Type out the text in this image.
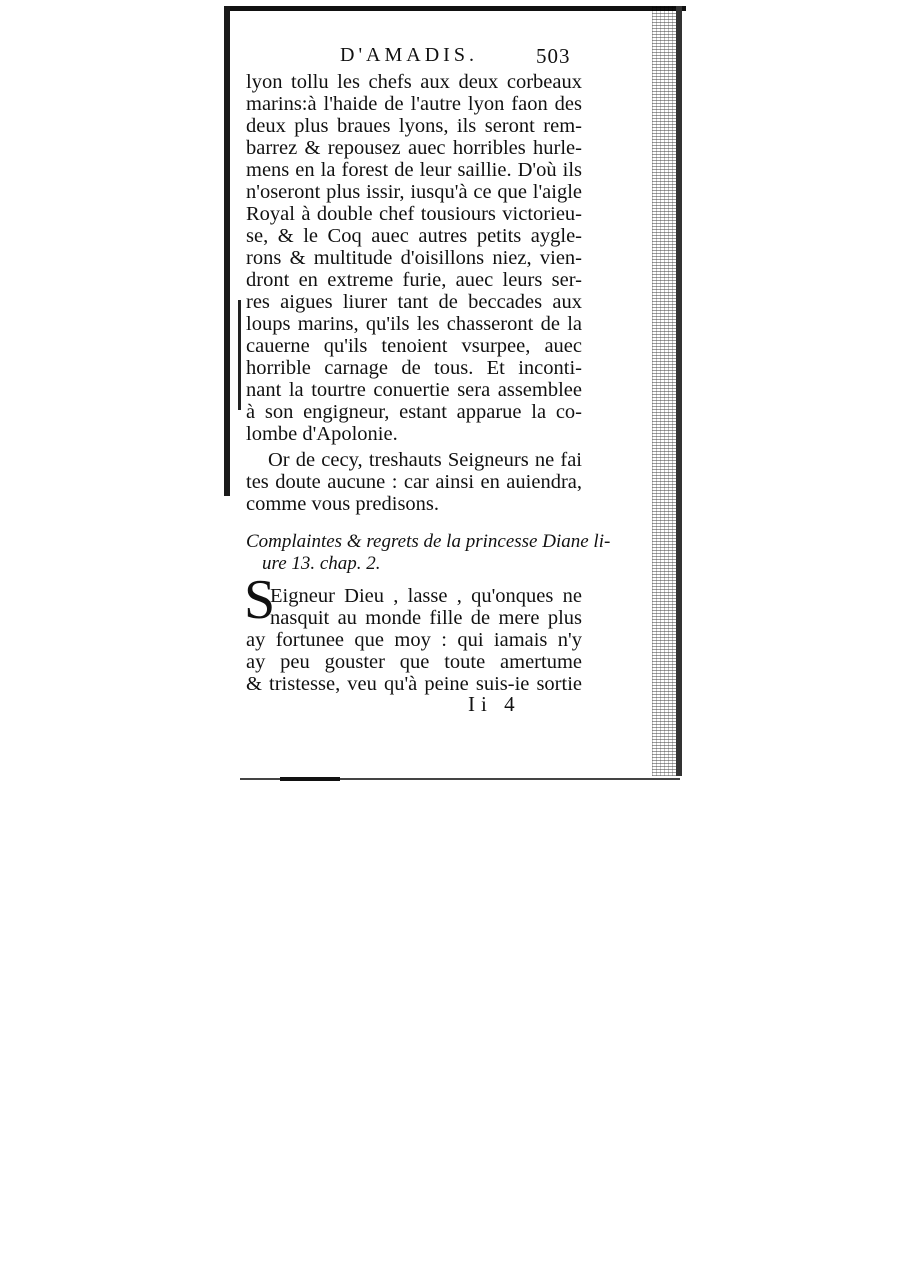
D'AMADIS.	503
lyon tollu les chefs aux deux corbeaux
marins:à l'haide de l'autre lyon faon des
deux plus braues lyons, ils seront rem-
barrez & repousez auec horribles hurle-
mens en la forest de leur saillie. D'où ils
n'oseront plus issir, iusqu'à ce que l'aigle
Royal à double chef tousiours victorieu-
se, & le Coq auec autres petits aygle-
rons & multitude d'oisillons niez, vien-
dront en extreme furie, auec leurs ser-
res aigues liurer tant de beccades aux
loups marins, qu'ils les chasseront de la
cauerne qu'ils tenoient vsurpee, auec
horrible carnage de tous. Et inconti-
nant la tourtre conuertie sera assemblee
à son engigneur, estant apparue la co-
lombe d'Apolonie.
Or de cecy, treshauts Seigneurs ne fai
tes doute aucune : car ainsi en auiendra,
comme vous predisons.
Complaintes & regrets de la princesse Diane li-
ure 13. chap. 2.
S
Eigneur Dieu , lasse , qu'onques ne
nasquit au monde fille de mere plus
ay fortunee que moy : qui iamais n'y
ay peu gouster que toute amertume
& tristesse, veu qu'à peine suis-ie sortie
Ii 4
